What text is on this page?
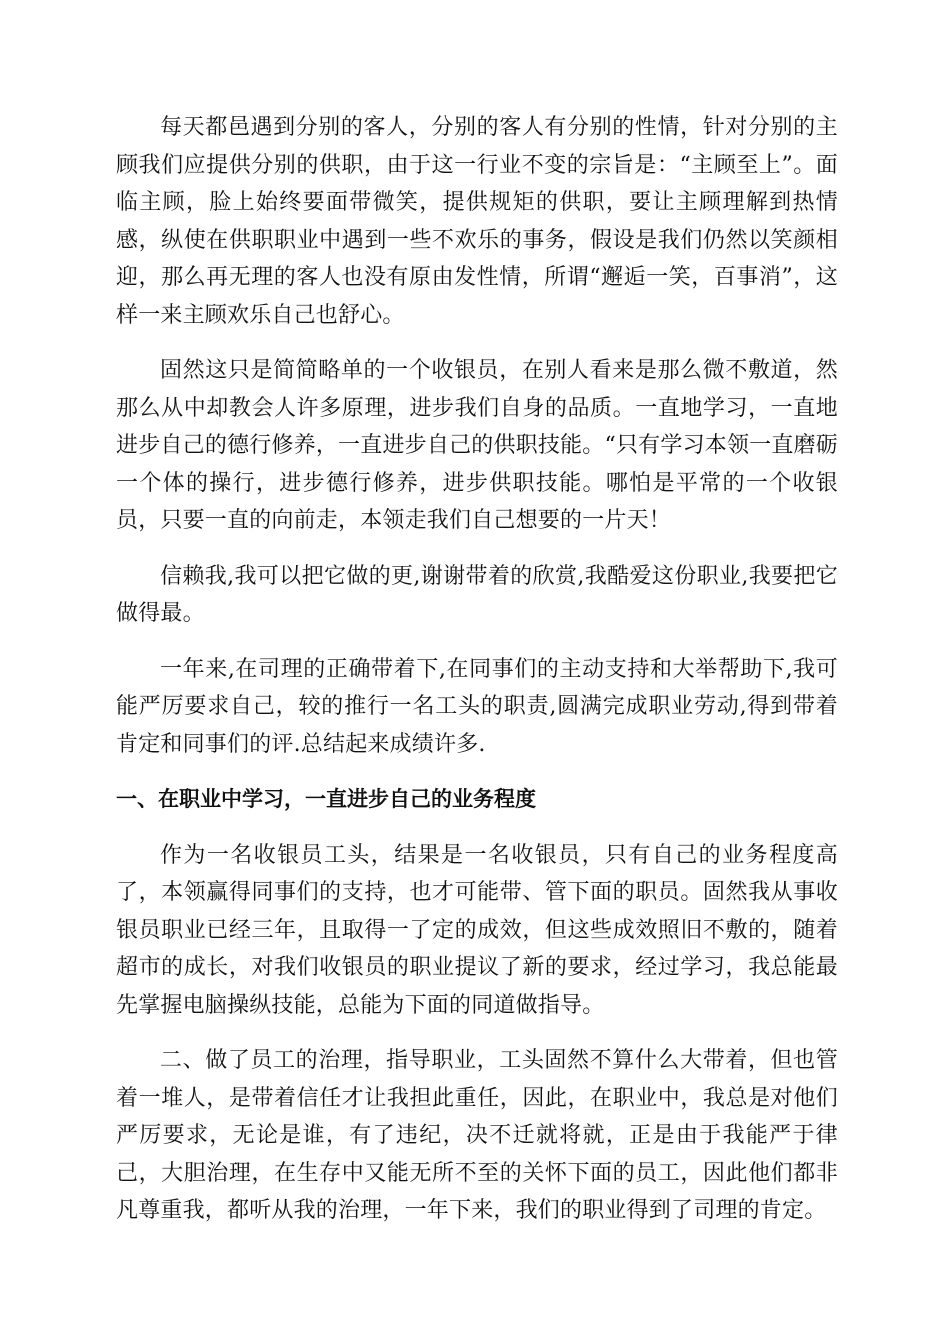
每天都邑遇到分别的客人，分别的客人有分别的性情，针对分别的主顾我们应提供分别的供职，由于这一行业不变的宗旨是：“主顾至上”。面临主顾，脸上始终要面带微笑，提供规矩的供职，要让主顾理解到热情感，纵使在供职职业中遇到一些不欢乐的事务，假设是我们仍然以笑颜相迎，那么再无理的客人也没有原由发性情，所谓“邂逅一笑，百事消”，这样一来主顾欢乐自己也舒心。

固然这只是简简略单的一个收银员，在别人看来是那么微不敷道，然那么从中却教会人许多原理，进步我们自身的品质。一直地学习，一直地进步自己的德行修养，一直进步自己的供职技能。“只有学习本领一直磨砺一个体的操行，进步德行修养，进步供职技能。哪怕是平常的一个收银员，只要一直的向前走，本领走我们自己想要的一片天！

信赖我,我可以把它做的更,谢谢带着的欣赏,我酷爱这份职业,我要把它做得最。

一年来,在司理的正确带着下,在同事们的主动支持和大举帮助下,我可能严厉要求自己，较的推行一名工头的职责,圆满完成职业劳动,得到带着肯定和同事们的评.总结起来成绩许多.

一、在职业中学习，一直进步自己的业务程度

作为一名收银员工头，结果是一名收银员，只有自己的业务程度高了，本领赢得同事们的支持，也才可能带、管下面的职员。固然我从事收银员职业已经三年，且取得一了定的成效，但这些成效照旧不敷的，随着超市的成长，对我们收银员的职业提议了新的要求，经过学习，我总能最先掌握电脑操纵技能，总能为下面的同道做指导。

二、做了员工的治理，指导职业，工头固然不算什么大带着，但也管着一堆人，是带着信任才让我担此重任，因此，在职业中，我总是对他们严厉要求，无论是谁，有了违纪，决不迁就将就，正是由于我能严于律己，大胆治理，在生存中又能无所不至的关怀下面的员工，因此他们都非凡尊重我，都听从我的治理，一年下来，我们的职业得到了司理的肯定。
